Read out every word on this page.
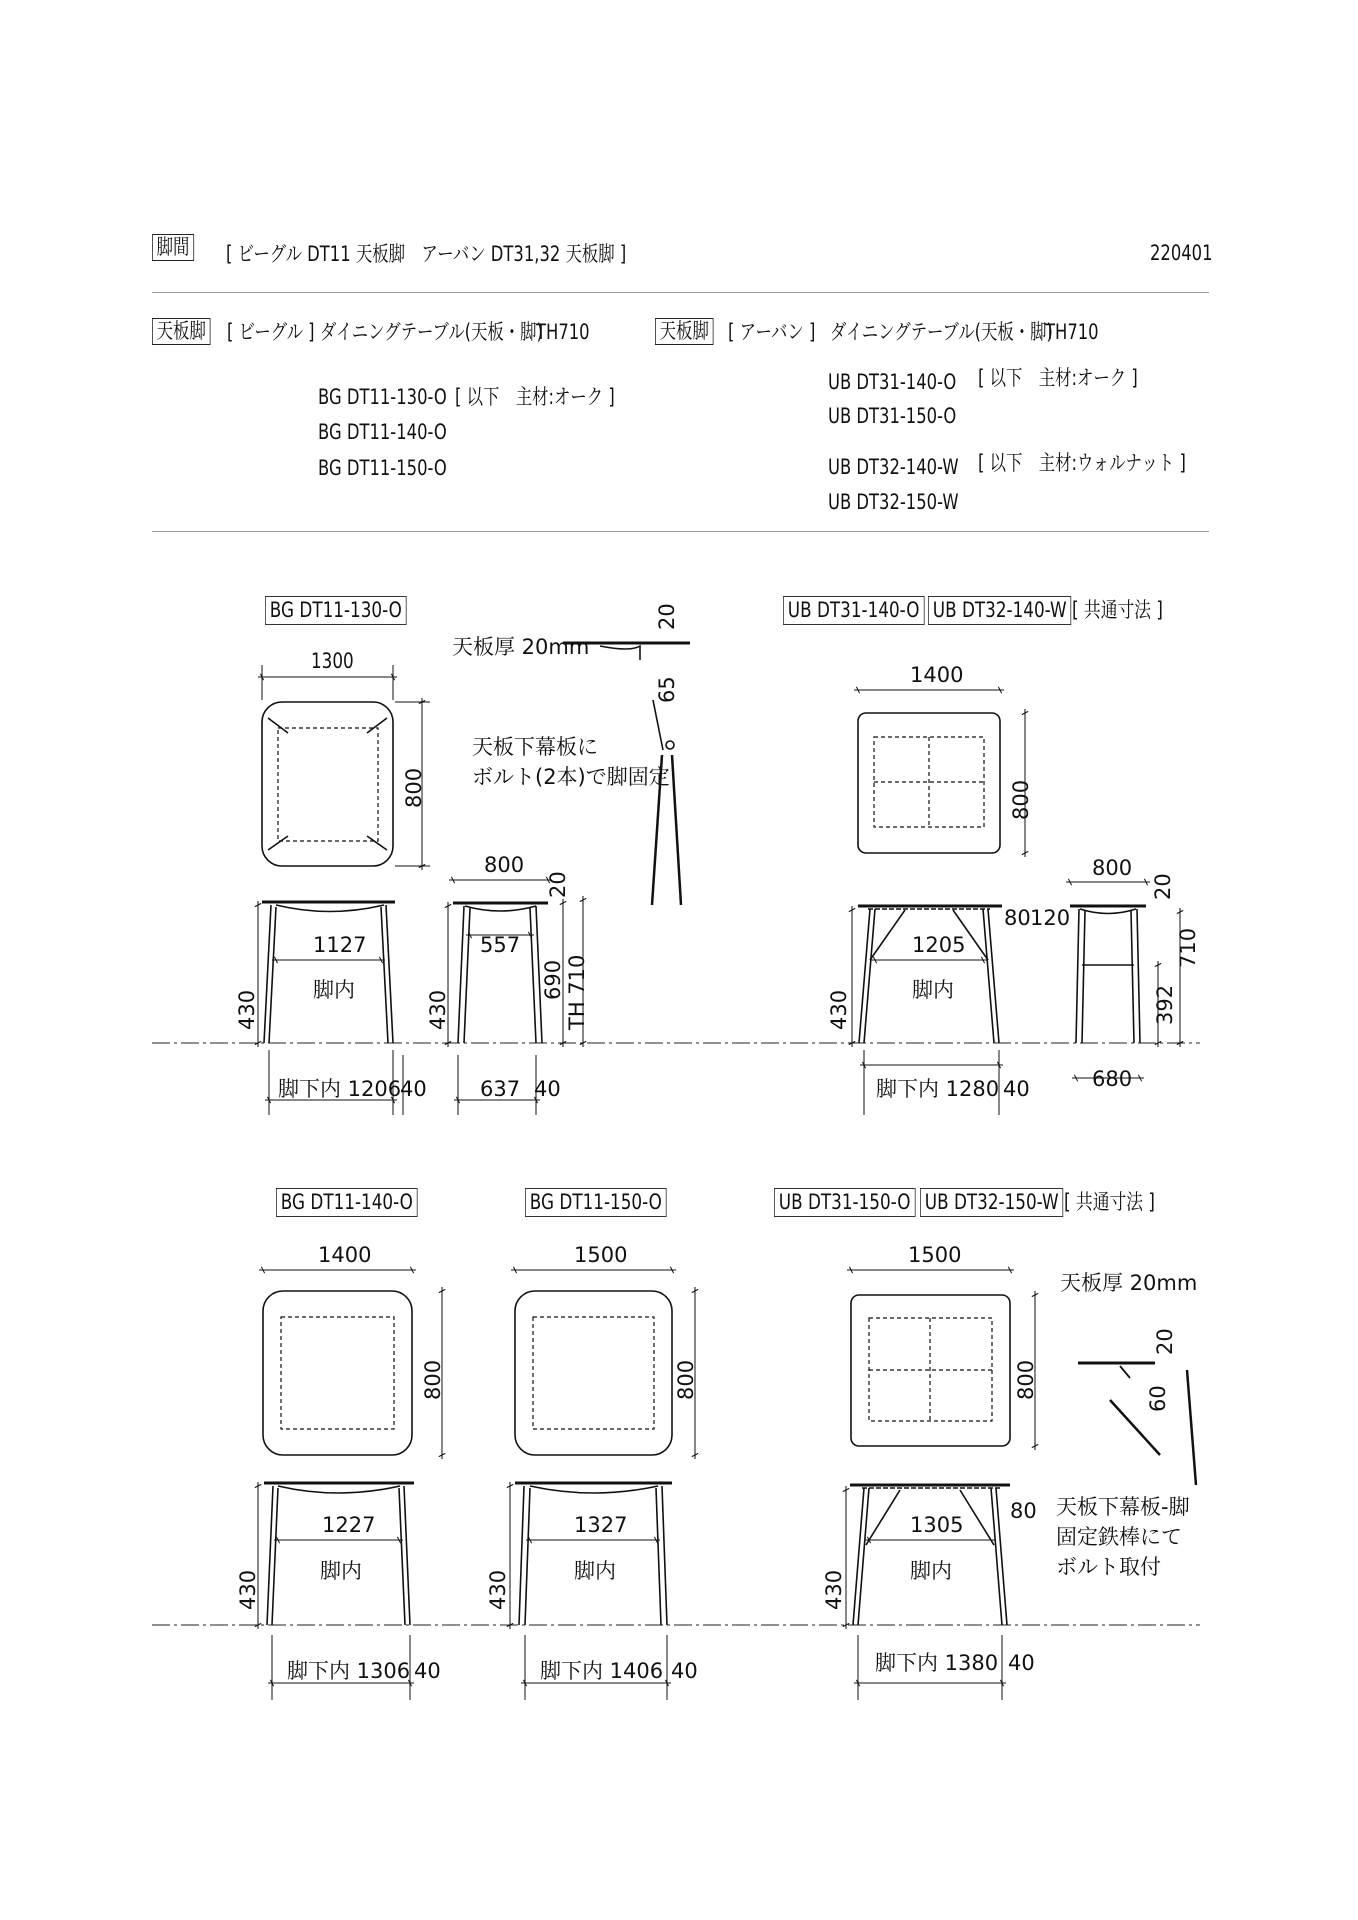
脚間 [ ビーグル DT11 天板脚　アーバン DT31,32 天板脚 ]	220401
天板脚 [ ビーグル ] ダイニングテーブル(天板・脚)
TH710
BG DT11-130-O [ 以下　主材:オーク ]
BG DT11-140-O
BG DT11-150-O
天板脚 [ アーバン ] ダイニングテーブル(天板・脚)
TH710
UB DT31-140-O [ 以下　主材:オーク ]
UB DT31-150-O
UB DT32-140-W [ 以下　主材:ウォルナット ]
UB DT32-150-W
BG DT11-130-O	UB DT31-140-O UB DT32-140-W [ 共通寸法 ]
BG DT11-140-O	BG DT11-150-O	UB DT31-150-O UB DT32-150-W [ 共通寸法 ]
1300
800
1127
脚内
430
脚下内 1206
40
800
557
430
690 TH 710
20
637 40
天板厚 20mm
20
65
天板下幕板に
ボルト(2本)で脚固定
1400
800
1205
脚内
430
80 120
脚下内 1280 40
800
20
710
392
680
1400
800
1227
脚内
430
脚下内 1306 40
1500
800
1327
脚内
430
脚下内 1406 40
1500
800
1305
脚内
430
80
脚下内 1380 40
天板厚 20mm
20
60
天板下幕板-脚
固定鉄棒にて
ボルト取付
